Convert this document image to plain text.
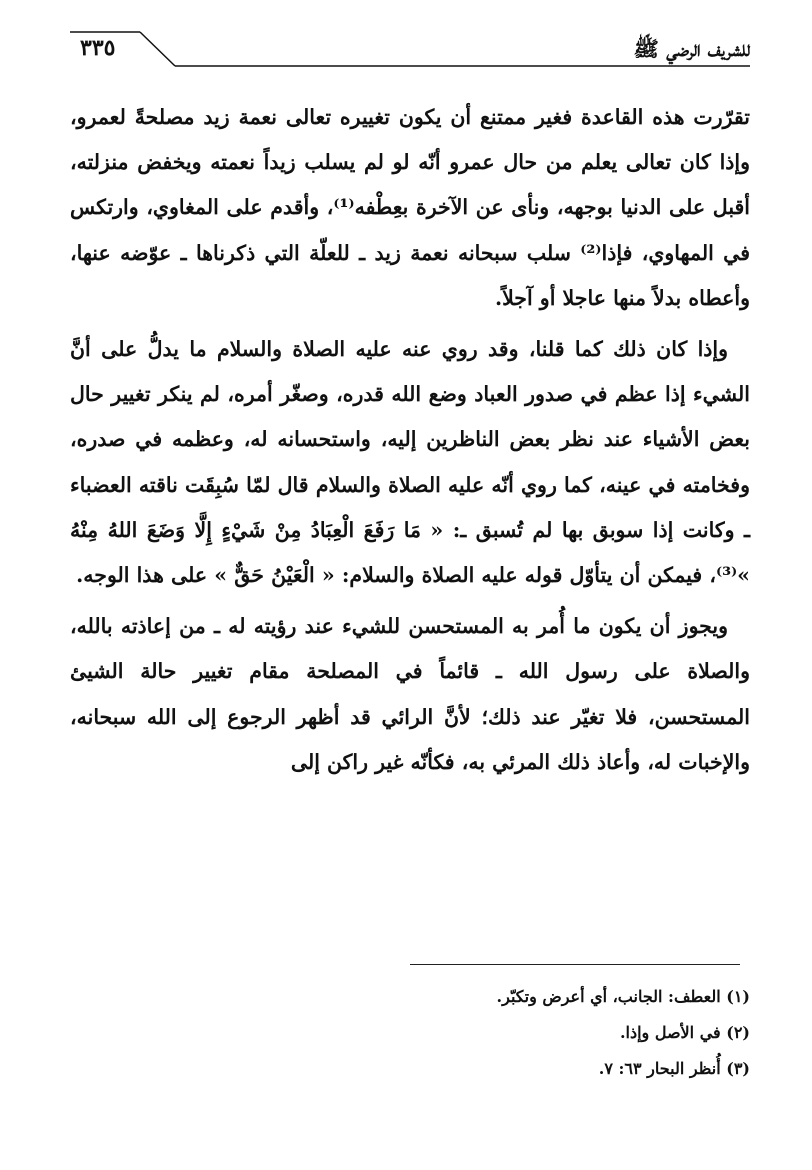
٣٣٥	للشريف الرضي ﷺ

تقرّرت هذه القاعدة فغير ممتنع أن يكون تغييره تعالى نعمة زيد مصلحةً لعمرو، وإذا كان تعالى يعلم من حال عمرو أنّه لو لم يسلب زيداً نعمته ويخفض منزلته، أقبل على الدنيا بوجهه، ونأى عن الآخرة بعِطْفه⁽¹⁾، وأقدم على المغاوي، وارتكس في المهاوي، فإذا⁽²⁾ سلب سبحانه نعمة زيد ـ للعلّة التي ذكرناها ـ عوّضه عنها، وأعطاه بدلاً منها عاجلا أو آجلاً.

وإذا كان ذلك كما قلنا، وقد روي عنه عليه الصلاة والسلام ما يدلُّ على أنَّ الشيء إذا عظم في صدور العباد وضع الله قدره، وصغّر أمره، لم ينكر تغيير حال بعض الأشياء عند نظر بعض الناظرين إليه، واستحسانه له، وعظمه في صدره، وفخامته في عينه، كما روي أنّه عليه الصلاة والسلام قال لمّا سُبِقَت ناقته العضباء ـ وكانت إذا سوبق بها لم تُسبق ـ: « مَا رَفَعَ الْعِبَادُ مِنْ شَيْءٍ إِلَّا وَضَعَ اللهُ مِنْهُ »⁽³⁾، فيمكن أن يتأوّل قوله عليه الصلاة والسلام: « الْعَيْنُ حَقٌّ » على هذا الوجه.

ويجوز أن يكون ما أُمر به المستحسن للشيء عند رؤيته له ـ من إعاذته بالله، والصلاة على رسول الله ـ قائماً في المصلحة مقام تغيير حالة الشيئ المستحسن، فلا تغيّر عند ذلك؛ لأنَّ الرائي قد أظهر الرجوع إلى الله سبحانه، والإخبات له، وأعاذ ذلك المرئي به، فكأنّه غير راكن إلى

(١) العطف: الجانب، أي أعرض وتكبّر.

(٢) في الأصل وإذا.

(٣) أُنظر البحار ٦٣: ٧.
